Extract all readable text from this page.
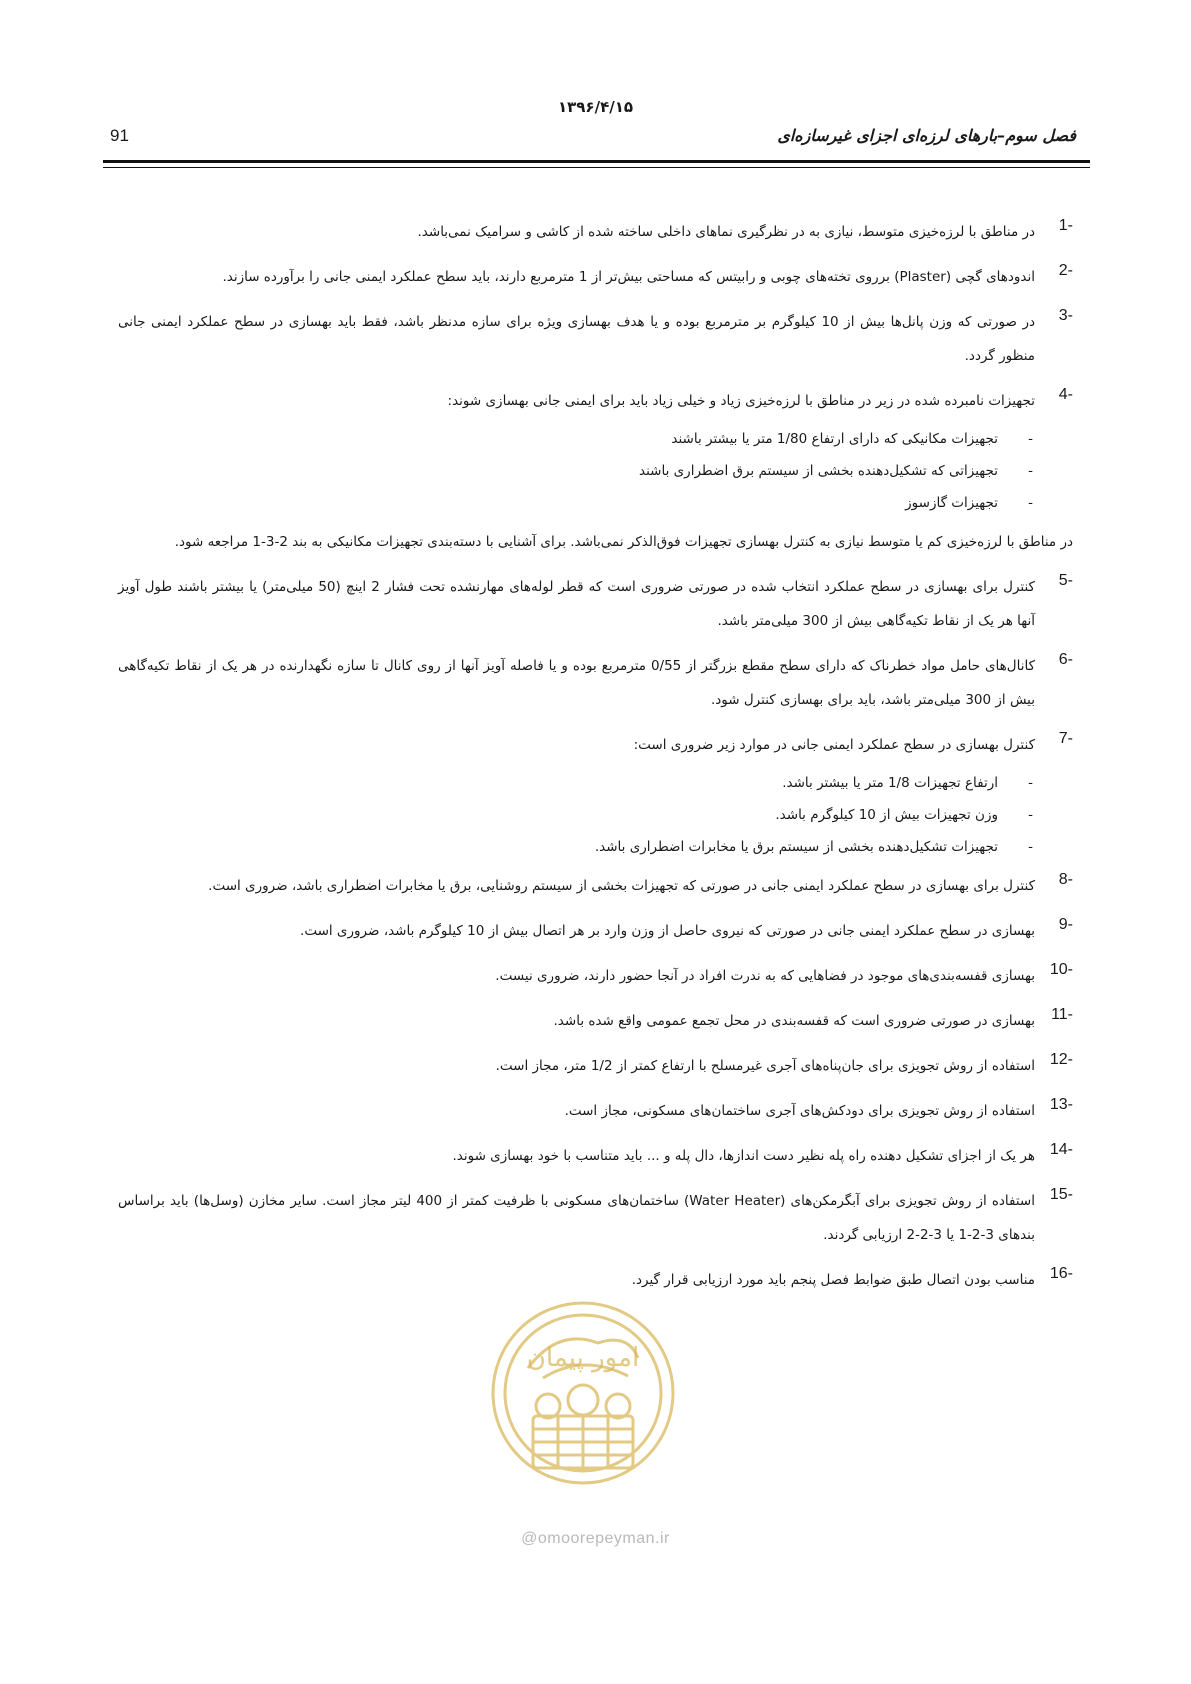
۱۳۹۶/۴/۱۵
91	فصل سوم–بارهای لرزه‌ای اجزای غیرسازه‌ای
1-
در مناطق با لرزه‌خیزی متوسط، نیازی به در نظرگیری نماهای داخلی ساخته شده از کاشی و سرامیک نمی‌باشد.
2-
اندودهای گچی (Plaster) برروی تخته‌های چوبی و رابیتس که مساحتی بیش‌تر از 1 مترمربع دارند، باید سطح عملکرد ایمنی جانی را برآورده سازند.
3-
در صورتی که وزن پانل‌ها بیش از 10 کیلوگرم بر مترمربع بوده و یا هدف بهسازی ویژه برای سازه مدنظر باشد، فقط باید بهسازی در سطح عملکرد ایمنی جانی منظور گردد.
4-
تجهیزات نامبرده شده در زیر در مناطق با لرزه‌خیزی زیاد و خیلی زیاد باید برای ایمنی جانی بهسازی شوند:
-
تجهیزات مکانیکی که دارای ارتفاع 1/80 متر یا بیشتر باشند
-
تجهیزاتی که تشکیل‌دهنده بخشی از سیستم برق اضطراری باشند
-
تجهیزات گازسوز
در مناطق با لرزه‌خیزی کم یا متوسط نیازی به کنترل بهسازی تجهیزات فوق‌الذکر نمی‌باشد. برای آشنایی با دسته‌بندی تجهیزات مکانیکی به بند 2-3-1 مراجعه شود.
5-
کنترل برای بهسازی در سطح عملکرد انتخاب شده در صورتی ضروری است که قطر لوله‌های مهارنشده تحت فشار 2 اینچ (50 میلی‌متر) یا بیشتر باشند طول آویز آنها هر یک از نقاط تکیه‌گاهی بیش از 300 میلی‌متر باشد.
6-
کانال‌های حامل مواد خطرناک که دارای سطح مقطع بزرگتر از 0/55 مترمربع بوده و یا فاصله آویز آنها از روی کانال تا سازه نگهدارنده در هر یک از نقاط تکیه‌گاهی بیش از 300 میلی‌متر باشد، باید برای بهسازی کنترل شود.
7-
کنترل بهسازی در سطح عملکرد ایمنی جانی در موارد زیر ضروری است:
-
ارتفاع تجهیزات 1/8 متر یا بیشتر باشد.
-
وزن تجهیزات بیش از 10 کیلوگرم باشد.
-
تجهیزات تشکیل‌دهنده بخشی از سیستم برق یا مخابرات اضطراری باشد.
8-
کنترل برای بهسازی در سطح عملکرد ایمنی جانی در صورتی که تجهیزات بخشی از سیستم روشنایی، برق یا مخابرات اضطراری باشد، ضروری است.
9-
بهسازی در سطح عملکرد ایمنی جانی در صورتی که نیروی حاصل از وزن وارد بر هر اتصال بیش از 10 کیلوگرم باشد، ضروری است.
10-
بهسازی قفسه‌بندی‌های موجود در فضاهایی که به ندرت افراد در آنجا حضور دارند، ضروری نیست.
11-
بهسازی در صورتی ضروری است که قفسه‌بندی در محل تجمع عمومی واقع شده باشد.
12-
استفاده از روش تجویزی برای جان‌پناه‌های آجری غیرمسلح با ارتفاع کمتر از 1/2 متر، مجاز است.
13-
استفاده از روش تجویزی برای دودکش‌های آجری ساختمان‌های مسکونی، مجاز است.
14-
هر یک از اجزای تشکیل دهنده راه پله نظیر دست اندازها، دال پله و ... باید متناسب با خود بهسازی شوند.
15-
استفاده از روش تجویزی برای آبگرمکن‌های (Water Heater) ساختمان‌های مسکونی با ظرفیت کمتر از 400 لیتر مجاز است. سایر مخازن (وسل‌ها) باید براساس بندهای 3-2-1 یا 3-2-2 ارزیابی گردند.
16-
مناسب بودن اتصال طبق ضوابط فصل پنجم باید مورد ارزیابی قرار گیرد.
امور پیمان
@omoorepeyman.ir
